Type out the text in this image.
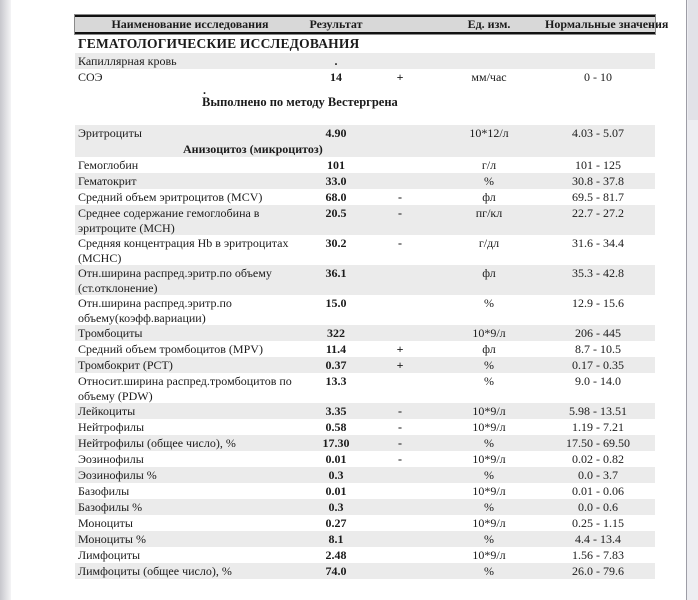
Наименование исследования	Результат	Ед. изм.	Нормальные значения
ГЕМАТОЛОГИЧЕСКИЕ ИССЛЕДОВАНИЯ
Капиллярная кровь	.
СОЭ	14	+	мм/час	0 - 10
.
Выполнено по методу Вестергрена
Эритроциты	4.90	10*12/л	4.03 - 5.07
Анизоцитоз (микроцитоз)
Гемоглобин	101	г/л	101 - 125
Гематокрит	33.0	%	30.8 - 37.8
Средний объем эритроцитов (MCV)	68.0	-	фл	69.5 - 81.7
Среднее содержание гемоглобина в эритроците (MCH)
20.5	-	пг/кл	22.7 - 27.2
Средняя концентрация Hb в эритроцитах (MCHC)
30.2	-	г/дл	31.6 - 34.4
Отн.ширина распред.эритр.по объему (ст.отклонение)
36.1	фл	35.3 - 42.8
Отн.ширина распред.эритр.по объему(коэфф.вариации)
15.0	%	12.9 - 15.6
Тромбоциты	322	10*9/л	206 - 445
Средний объем тромбоцитов (MPV)	11.4	+	фл	8.7 - 10.5
Тромбокрит (PCT)	0.37	+	%	0.17 - 0.35
Относит.ширина распред.тромбоцитов по объему (PDW)
13.3	%	9.0 - 14.0
Лейкоциты	3.35	-	10*9/л	5.98 - 13.51
Нейтрофилы	0.58	-	10*9/л	1.19 - 7.21
Нейтрофилы (общее число), %	17.30	-	%	17.50 - 69.50
Эозинофилы	0.01	-	10*9/л	0.02 - 0.82
Эозинофилы %	0.3	%	0.0 - 3.7
Базофилы	0.01	10*9/л	0.01 - 0.06
Базофилы %	0.3	%	0.0 - 0.6
Моноциты	0.27	10*9/л	0.25 - 1.15
Моноциты %	8.1	%	4.4 - 13.4
Лимфоциты	2.48	10*9/л	1.56 - 7.83
Лимфоциты (общее число), %	74.0	%	26.0 - 79.6
